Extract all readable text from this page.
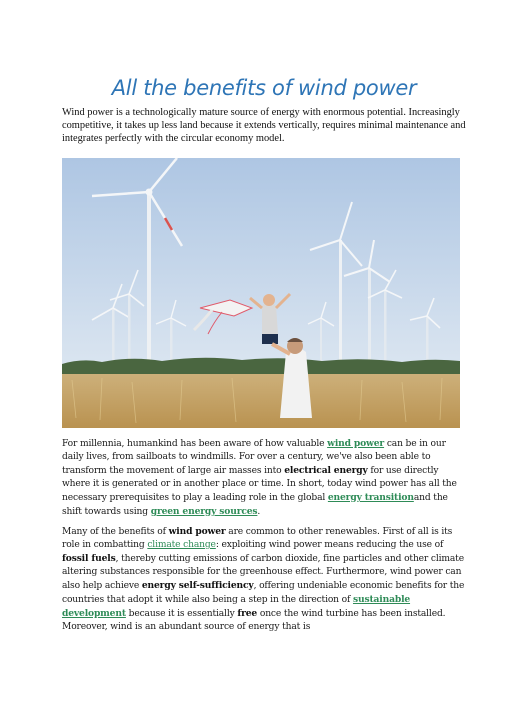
All the benefits of wind power
Wind power is a technologically mature source of energy with enormous potential. Increasingly competitive, it takes up less land because it extends vertically, requires minimal maintenance and integrates perfectly with the circular economy model.
For millennia, humankind has been aware of how valuable wind power can be in our daily lives, from sailboats to windmills. For over a century, we've also been able to transform the movement of large air masses into electrical energy for use directly where it is generated or in another place or time. In short, today wind power has all the necessary prerequisites to play a leading role in the global energy transitionand the shift towards using green energy sources.
Many of the benefits of wind power are common to other renewables. First of all is its role in combatting climate change: exploiting wind power means reducing the use of fossil fuels, thereby cutting emissions of carbon dioxide, fine particles and other climate altering substances responsible for the greenhouse effect. Furthermore, wind power can also help achieve energy self-sufficiency, offering undeniable economic benefits for the countries that adopt it while also being a step in the direction of sustainable development because it is essentially free once the wind turbine has been installed. Moreover, wind is an abundant source of energy that is
